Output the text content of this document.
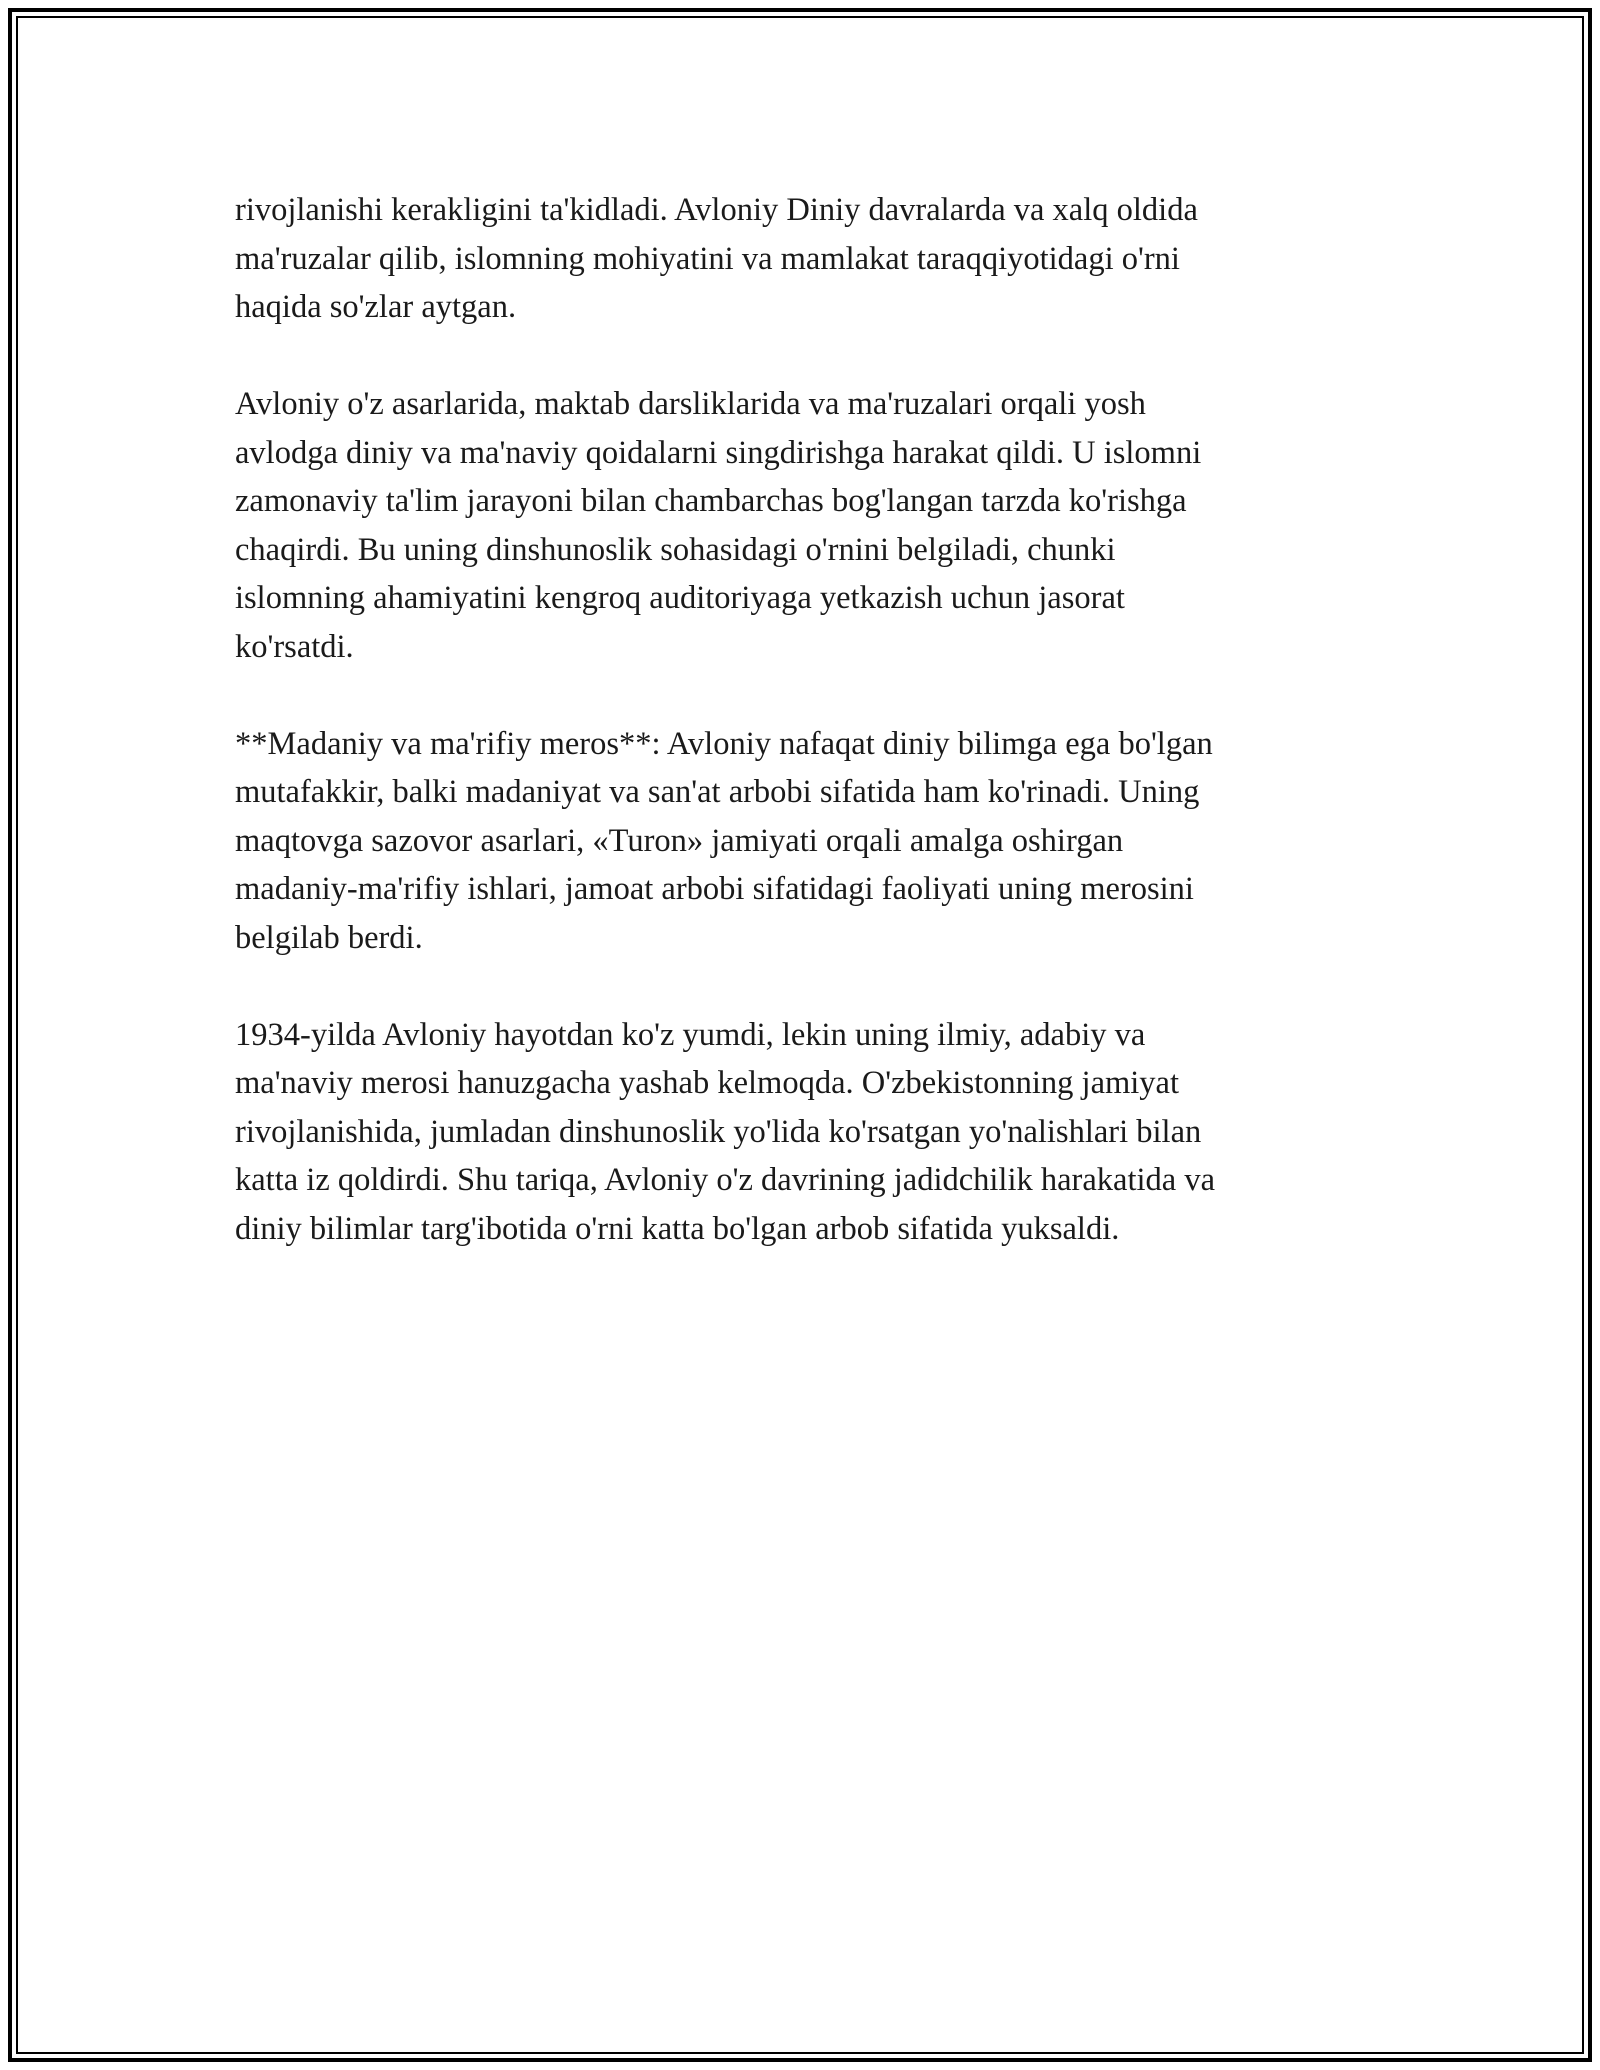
rivojlanishi kerakligini ta'kidladi. Avloniy Diniy davralarda va xalq oldida
ma'ruzalar qilib, islomning mohiyatini va mamlakat taraqqiyotidagi o'rni
haqida so'zlar aytgan.

Avloniy o'z asarlarida, maktab darsliklarida va ma'ruzalari orqali yosh
avlodga diniy va ma'naviy qoidalarni singdirishga harakat qildi. U islomni
zamonaviy ta'lim jarayoni bilan chambarchas bog'langan tarzda ko'rishga
chaqirdi. Bu uning dinshunoslik sohasidagi o'rnini belgiladi, chunki
islomning ahamiyatini kengroq auditoriyaga yetkazish uchun jasorat
ko'rsatdi.

**Madaniy va ma'rifiy meros**: Avloniy nafaqat diniy bilimga ega bo'lgan
mutafakkir, balki madaniyat va san'at arbobi sifatida ham ko'rinadi. Uning
maqtovga sazovor asarlari, «Turon» jamiyati orqali amalga oshirgan
madaniy-ma'rifiy ishlari, jamoat arbobi sifatidagi faoliyati uning merosini
belgilab berdi.

1934-yilda Avloniy hayotdan ko'z yumdi, lekin uning ilmiy, adabiy va
ma'naviy merosi hanuzgacha yashab kelmoqda. O'zbekistonning jamiyat
rivojlanishida, jumladan dinshunoslik yo'lida ko'rsatgan yo'nalishlari bilan
katta iz qoldirdi. Shu tariqa, Avloniy o'z davrining jadidchilik harakatida va
diniy bilimlar targ'ibotida o'rni katta bo'lgan arbob sifatida yuksaldi.
